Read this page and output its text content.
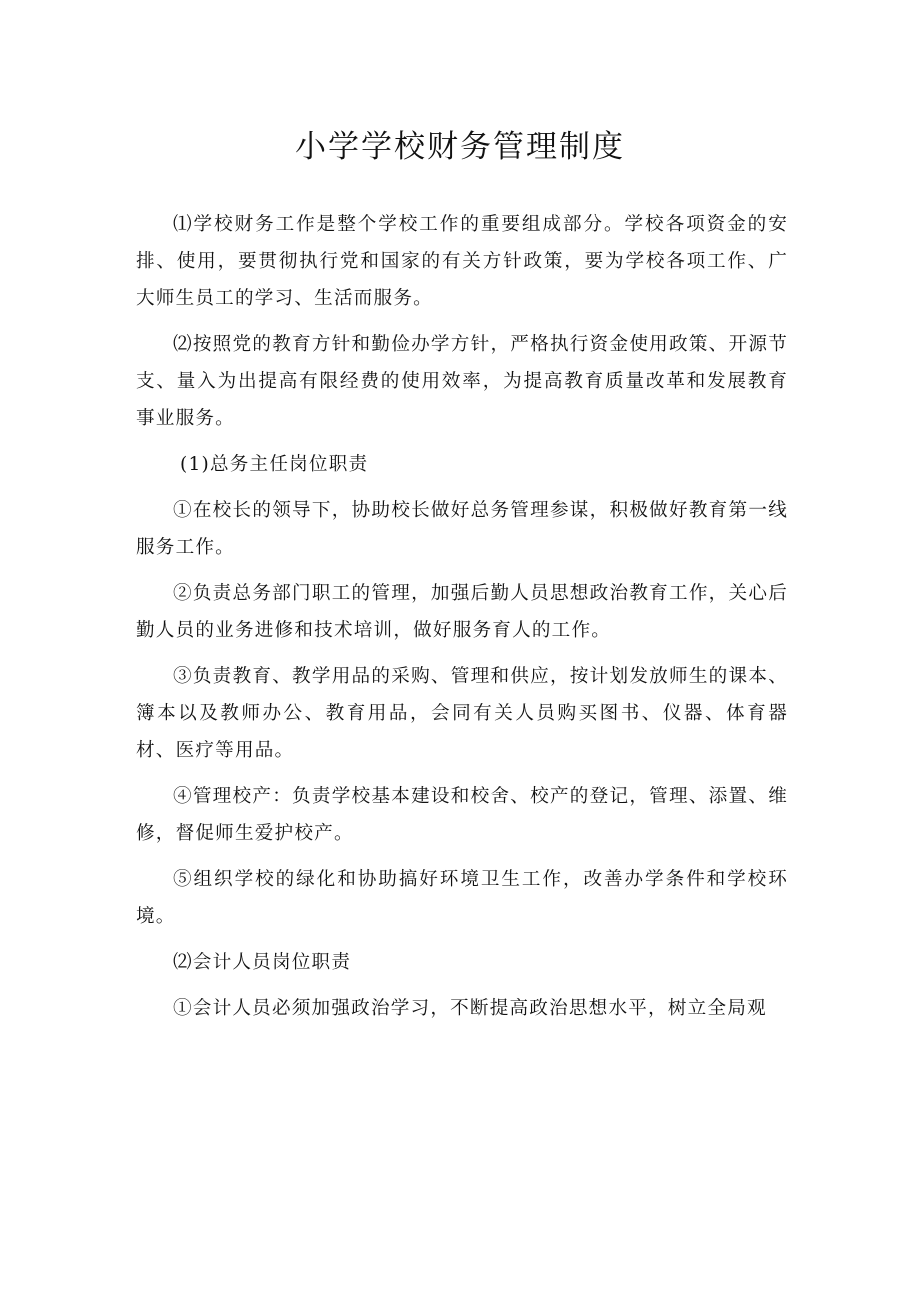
小学学校财务管理制度

⑴学校财务工作是整个学校工作的重要组成部分。学校各项资金的安排、使用，要贯彻执行党和国家的有关方针政策，要为学校各项工作、广大师生员工的学习、生活而服务。

⑵按照党的教育方针和勤俭办学方针，严格执行资金使用政策、开源节支、量入为出提高有限经费的使用效率，为提高教育质量改革和发展教育事业服务。

(1)总务主任岗位职责

①在校长的领导下，协助校长做好总务管理参谋，积极做好教育第一线服务工作。

②负责总务部门职工的管理，加强后勤人员思想政治教育工作，关心后勤人员的业务进修和技术培训，做好服务育人的工作。

③负责教育、教学用品的采购、管理和供应，按计划发放师生的课本、簿本以及教师办公、教育用品，会同有关人员购买图书、仪器、体育器材、医疗等用品。

④管理校产：负责学校基本建设和校舍、校产的登记，管理、添置、维修，督促师生爱护校产。

⑤组织学校的绿化和协助搞好环境卫生工作，改善办学条件和学校环境。

⑵会计人员岗位职责

①会计人员必须加强政治学习，不断提高政治思想水平，树立全局观
